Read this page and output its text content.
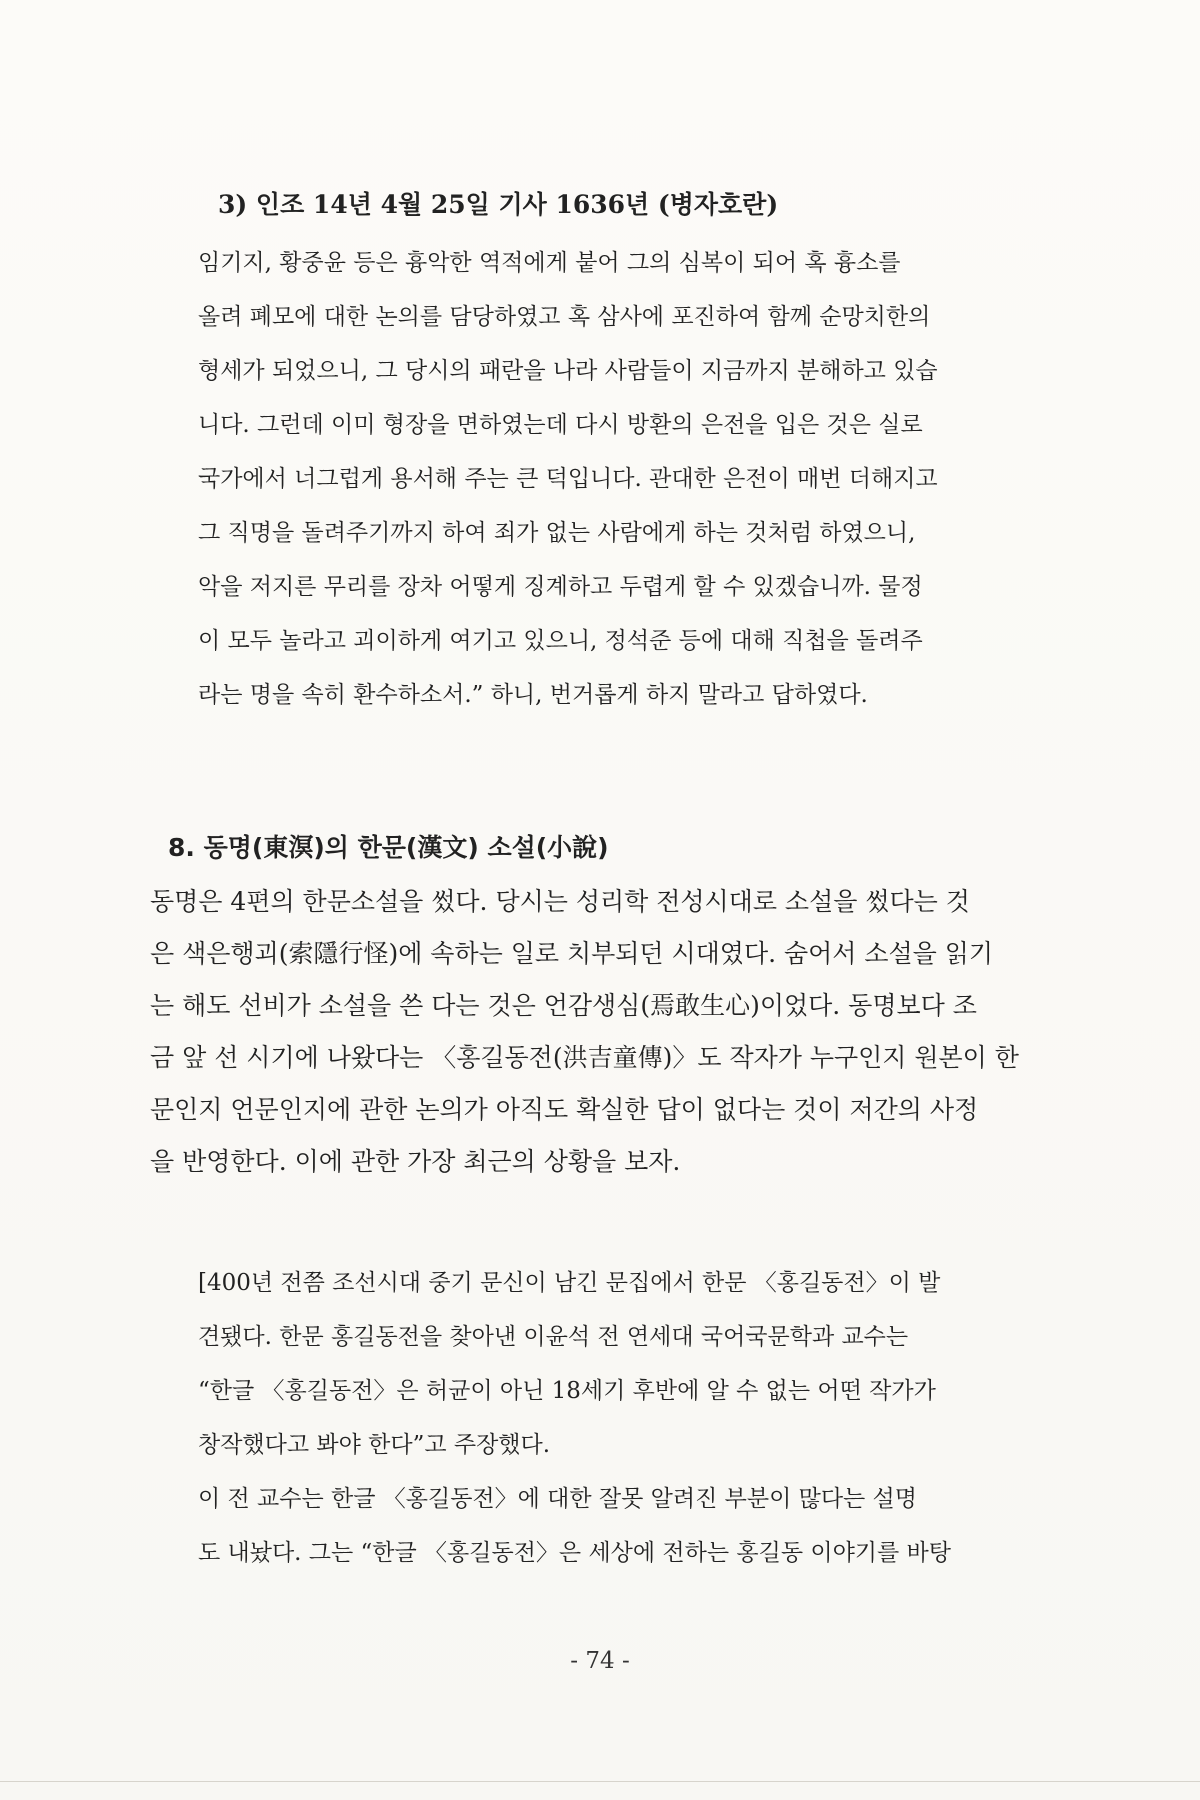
3) 인조 14년 4월 25일 기사 1636년 (병자호란)

임기지, 황중윤 등은 흉악한 역적에게 붙어 그의 심복이 되어 혹 흉소를

올려 폐모에 대한 논의를 담당하였고 혹 삼사에 포진하여 함께 순망치한의

형세가 되었으니, 그 당시의 패란을 나라 사람들이 지금까지 분해하고 있습

니다. 그런데 이미 형장을 면하였는데 다시 방환의 은전을 입은 것은 실로

국가에서 너그럽게 용서해 주는 큰 덕입니다. 관대한 은전이 매번 더해지고

그 직명을 돌려주기까지 하여 죄가 없는 사람에게 하는 것처럼 하였으니,

악을 저지른 무리를 장차 어떻게 징계하고 두렵게 할 수 있겠습니까. 물정

이 모두 놀라고 괴이하게 여기고 있으니, 정석준 등에 대해 직첩을 돌려주

라는 명을 속히 환수하소서.” 하니, 번거롭게 하지 말라고 답하였다.

8. 동명(東溟)의 한문(漢文) 소설(小說)

동명은 4편의 한문소설을 썼다. 당시는 성리학 전성시대로 소설을 썼다는 것

은 색은행괴(索隱行怪)에 속하는 일로 치부되던 시대였다. 숨어서 소설을 읽기

는 해도 선비가 소설을 쓴 다는 것은 언감생심(焉敢生心)이었다. 동명보다 조

금 앞 선 시기에 나왔다는 〈홍길동전(洪吉童傳)〉도 작자가 누구인지 원본이 한

문인지 언문인지에 관한 논의가 아직도 확실한 답이 없다는 것이 저간의 사정

을 반영한다. 이에 관한 가장 최근의 상황을 보자.

[400년 전쯤 조선시대 중기 문신이 남긴 문집에서 한문 〈홍길동전〉이 발

견됐다. 한문 홍길동전을 찾아낸 이윤석 전 연세대 국어국문학과 교수는

“한글 〈홍길동전〉은 허균이 아닌 18세기 후반에 알 수 없는 어떤 작가가

창작했다고 봐야 한다”고 주장했다.

이 전 교수는 한글 〈홍길동전〉에 대한 잘못 알려진 부분이 많다는 설명

도 내놨다. 그는 “한글 〈홍길동전〉은 세상에 전하는 홍길동 이야기를 바탕

- 74 -
